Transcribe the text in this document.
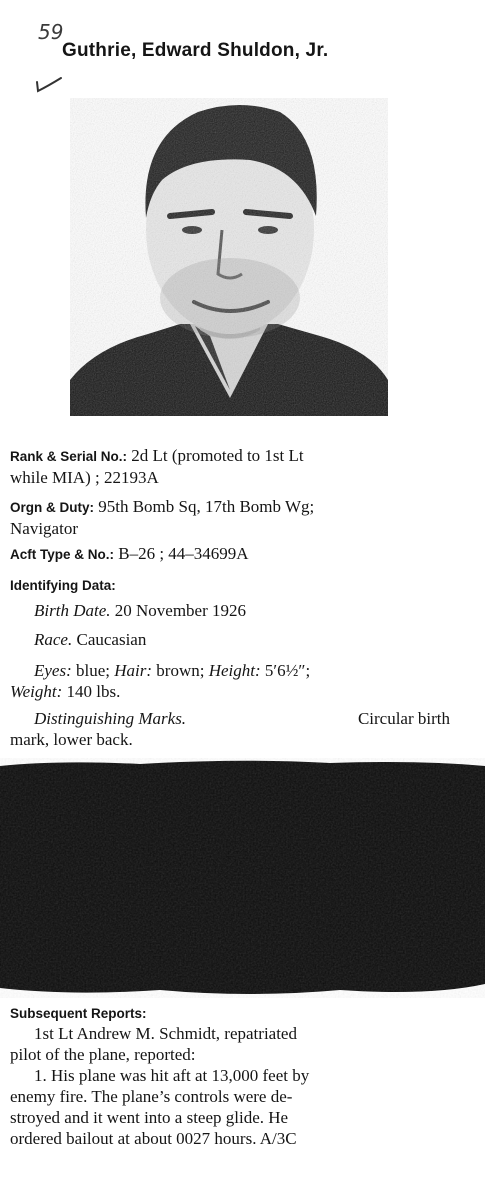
59
Guthrie, Edward Shuldon, Jr.
Rank & Serial No.: 2d Lt (promoted to 1st Lt
while MIA) ; 22193A
Orgn & Duty: 95th Bomb Sq, 17th Bomb Wg;
Navigator
Acft Type & No.: B–26 ; 44–34699A
Identifying Data:
Birth Date. 20 November 1926
Race. Caucasian
Eyes: blue; Hair: brown; Height: 5′6½″;
Weight: 140 lbs.
Distinguishing Marks.	Circular birth
mark, lower back.
Subsequent Reports:
1st Lt Andrew M. Schmidt, repatriated
pilot of the plane, reported:
1. His plane was hit aft at 13,000 feet by
enemy fire. The plane’s controls were de-
stroyed and it went into a steep glide. He
ordered bailout at about 0027 hours. A/3C
